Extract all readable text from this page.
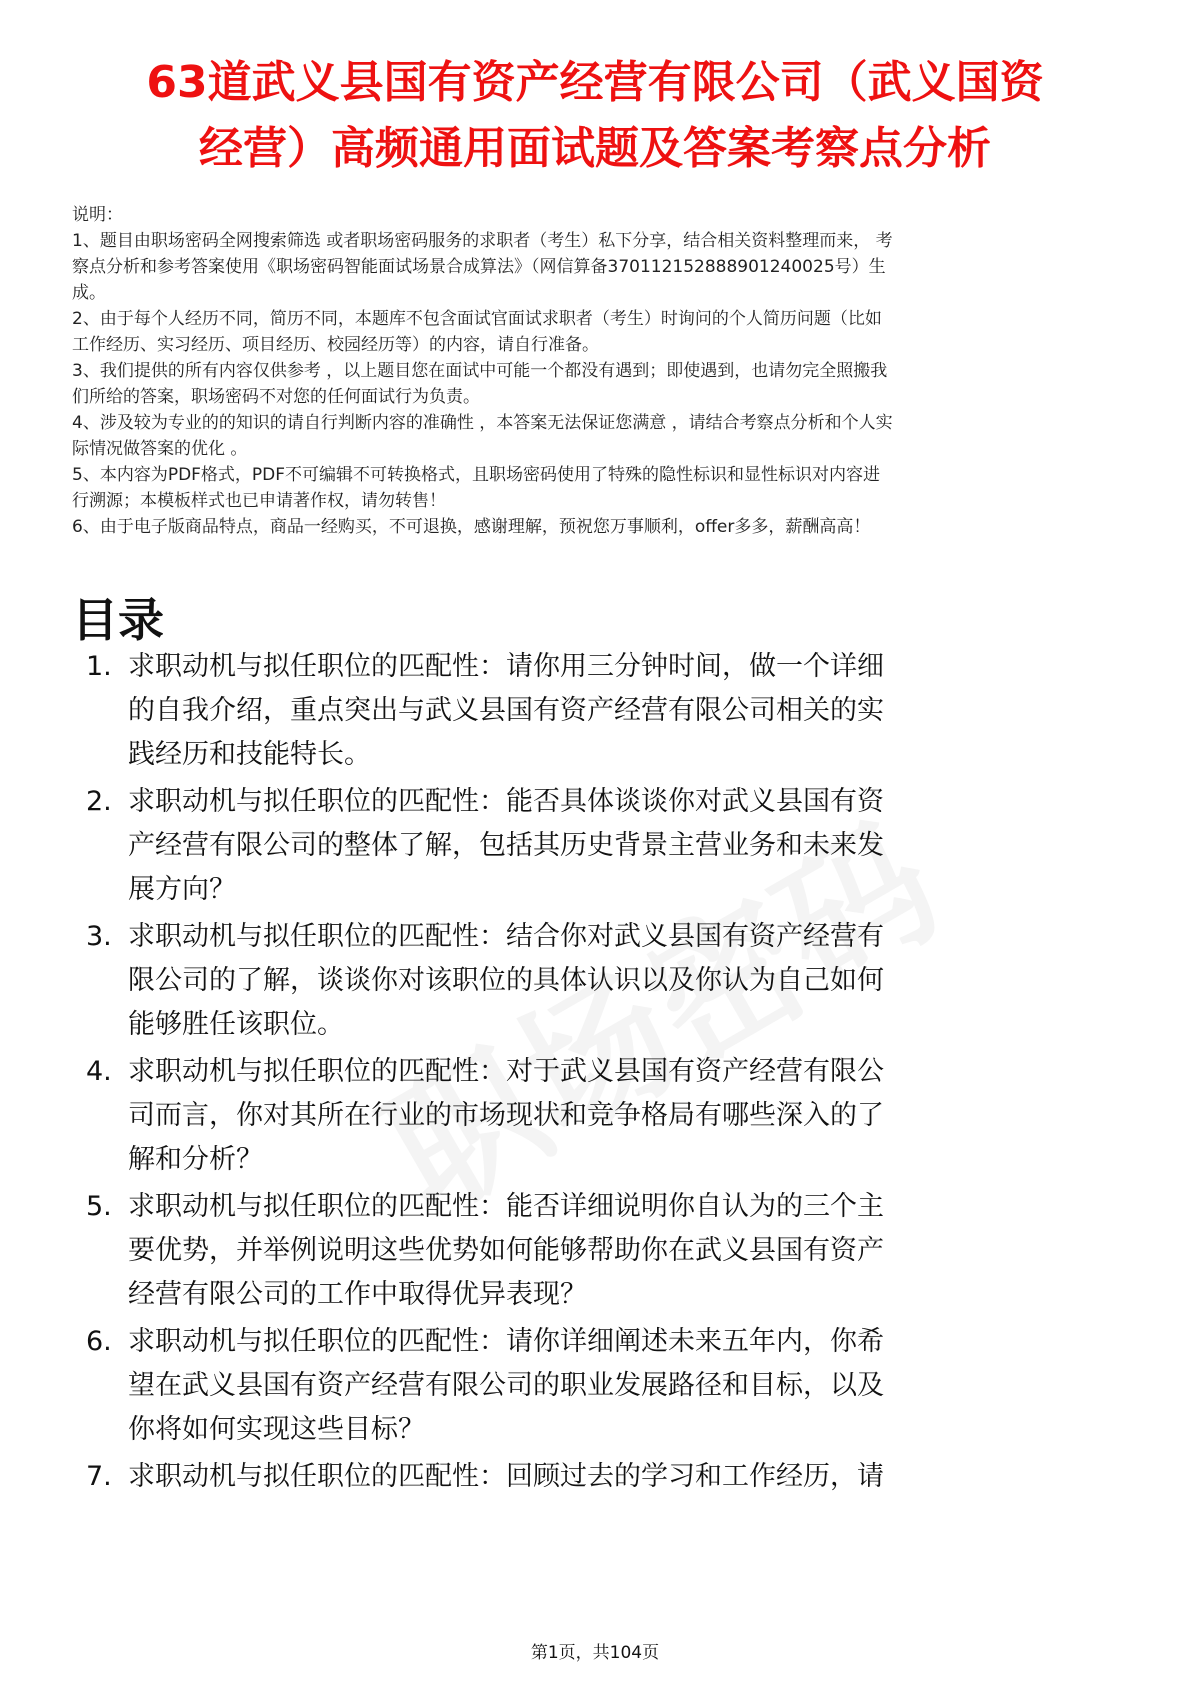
63道武义县国有资产经营有限公司（武义国资
经营）高频通用面试题及答案考察点分析
说明：
1、题目由职场密码全网搜索筛选 或者职场密码服务的求职者（考生）私下分享，结合相关资料整理而来， 考
察点分析和参考答案使用《职场密码智能面试场景合成算法》（网信算备370112152888901240025号）生
成。
2、由于每个人经历不同，简历不同，本题库不包含面试官面试求职者（考生）时询问的个人简历问题（比如
工作经历、实习经历、项目经历、校园经历等）的内容，请自行准备。
3、我们提供的所有内容仅供参考 ，以上题目您在面试中可能一个都没有遇到；即使遇到，也请勿完全照搬我
们所给的答案，职场密码不对您的任何面试行为负责。
4、涉及较为专业的的知识的请自行判断内容的准确性 ，本答案无法保证您满意 ，请结合考察点分析和个人实
际情况做答案的优化 。
5、本内容为PDF格式，PDF不可编辑不可转换格式，且职场密码使用了特殊的隐性标识和显性标识对内容进
行溯源；本模板样式也已申请著作权，请勿转售！
6、由于电子版商品特点，商品一经购买，不可退换，感谢理解，预祝您万事顺利，offer多多，薪酬高高！
目录
1. 求职动机与拟任职位的匹配性：请你用三分钟时间，做一个详细
的自我介绍，重点突出与武义县国有资产经营有限公司相关的实
践经历和技能特长。
2. 求职动机与拟任职位的匹配性：能否具体谈谈你对武义县国有资
产经营有限公司的整体了解，包括其历史背景主营业务和未来发
展方向？
3. 求职动机与拟任职位的匹配性：结合你对武义县国有资产经营有
限公司的了解，谈谈你对该职位的具体认识以及你认为自己如何
能够胜任该职位。
4. 求职动机与拟任职位的匹配性：对于武义县国有资产经营有限公
司而言，你对其所在行业的市场现状和竞争格局有哪些深入的了
解和分析？
5. 求职动机与拟任职位的匹配性：能否详细说明你自认为的三个主
要优势，并举例说明这些优势如何能够帮助你在武义县国有资产
经营有限公司的工作中取得优异表现？
6. 求职动机与拟任职位的匹配性：请你详细阐述未来五年内，你希
望在武义县国有资产经营有限公司的职业发展路径和目标，以及
你将如何实现这些目标？
7. 求职动机与拟任职位的匹配性：回顾过去的学习和工作经历，请
第1页，共104页
